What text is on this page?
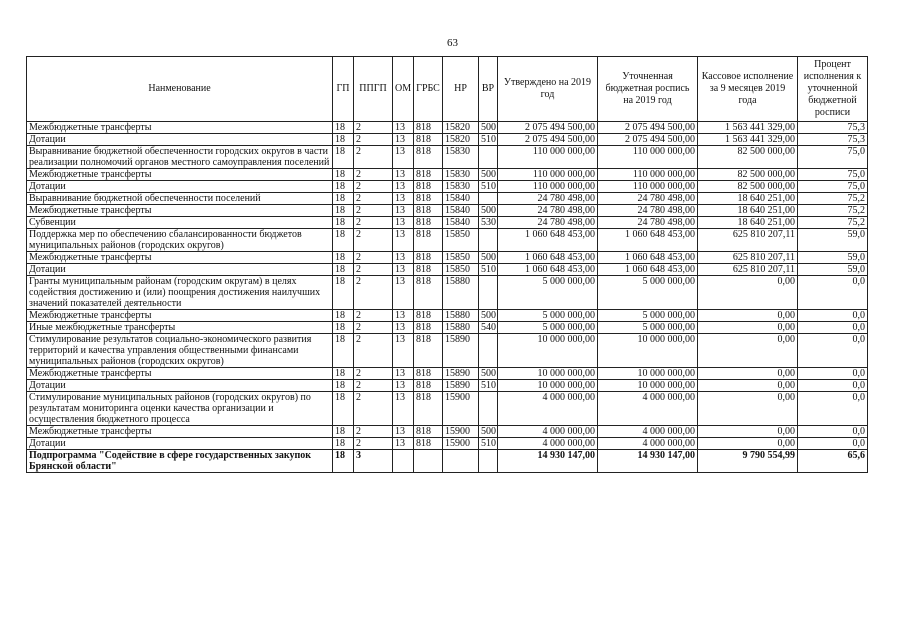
63
Нанменование	ГП	ППГП	ОМ	ГРБС	НР	ВР	Утверждено на 2019 год	Уточненная бюджетная роспись на 2019 год	Кассовое исполнение за 9 месяцев 2019 года	Процент исполнения к уточненной бюджетной росписи
Межбюджетные трансферты	18	2	13	818	15820	500	2 075 494 500,00	2 075 494 500,00	1 563 441 329,00	75,3
Дотации	18	2	13	818	15820	510	2 075 494 500,00	2 075 494 500,00	1 563 441 329,00	75,3
Выравнивание бюджетной обеспеченности городских округов в части реализации полномочий органов местного самоуправления поселений	18	2	13	818	15830		110 000 000,00	110 000 000,00	82 500 000,00	75,0
Межбюджетные трансферты	18	2	13	818	15830	500	110 000 000,00	110 000 000,00	82 500 000,00	75,0
Дотации	18	2	13	818	15830	510	110 000 000,00	110 000 000,00	82 500 000,00	75,0
Выравнивание бюджетной обеспеченности поселений	18	2	13	818	15840		24 780 498,00	24 780 498,00	18 640 251,00	75,2
Межбюджетные трансферты	18	2	13	818	15840	500	24 780 498,00	24 780 498,00	18 640 251,00	75,2
Субвенции	18	2	13	818	15840	530	24 780 498,00	24 780 498,00	18 640 251,00	75,2
Поддержка мер по обеспечению сбалансированности бюджетов муниципальных районов (городских округов)	18	2	13	818	15850		1 060 648 453,00	1 060 648 453,00	625 810 207,11	59,0
Межбюджетные трансферты	18	2	13	818	15850	500	1 060 648 453,00	1 060 648 453,00	625 810 207,11	59,0
Дотации	18	2	13	818	15850	510	1 060 648 453,00	1 060 648 453,00	625 810 207,11	59,0
Гранты муниципальным районам (городским округам) в целях содействия достижению и (или) поощрения достижения наилучших значений показателей деятельности	18	2	13	818	15880		5 000 000,00	5 000 000,00	0,00	0,0
Межбюджетные трансферты	18	2	13	818	15880	500	5 000 000,00	5 000 000,00	0,00	0,0
Иные межбюджетные трансферты	18	2	13	818	15880	540	5 000 000,00	5 000 000,00	0,00	0,0
Стимулирование результатов социально-экономического развития территорий и качества управления общественными финансами муниципальных районов (городских округов)	18	2	13	818	15890		10 000 000,00	10 000 000,00	0,00	0,0
Межбюджетные трансферты	18	2	13	818	15890	500	10 000 000,00	10 000 000,00	0,00	0,0
Дотации	18	2	13	818	15890	510	10 000 000,00	10 000 000,00	0,00	0,0
Стимулирование муниципальных районов (городских округов) по результатам мониторинга оценки качества организации и осуществления бюджетного процесса	18	2	13	818	15900		4 000 000,00	4 000 000,00	0,00	0,0
Межбюджетные трансферты	18	2	13	818	15900	500	4 000 000,00	4 000 000,00	0,00	0,0
Дотации	18	2	13	818	15900	510	4 000 000,00	4 000 000,00	0,00	0,0
Подпрограмма "Содействие в сфере государственных закупок Брянской области"	18	3					14 930 147,00	14 930 147,00	9 790 554,99	65,6
